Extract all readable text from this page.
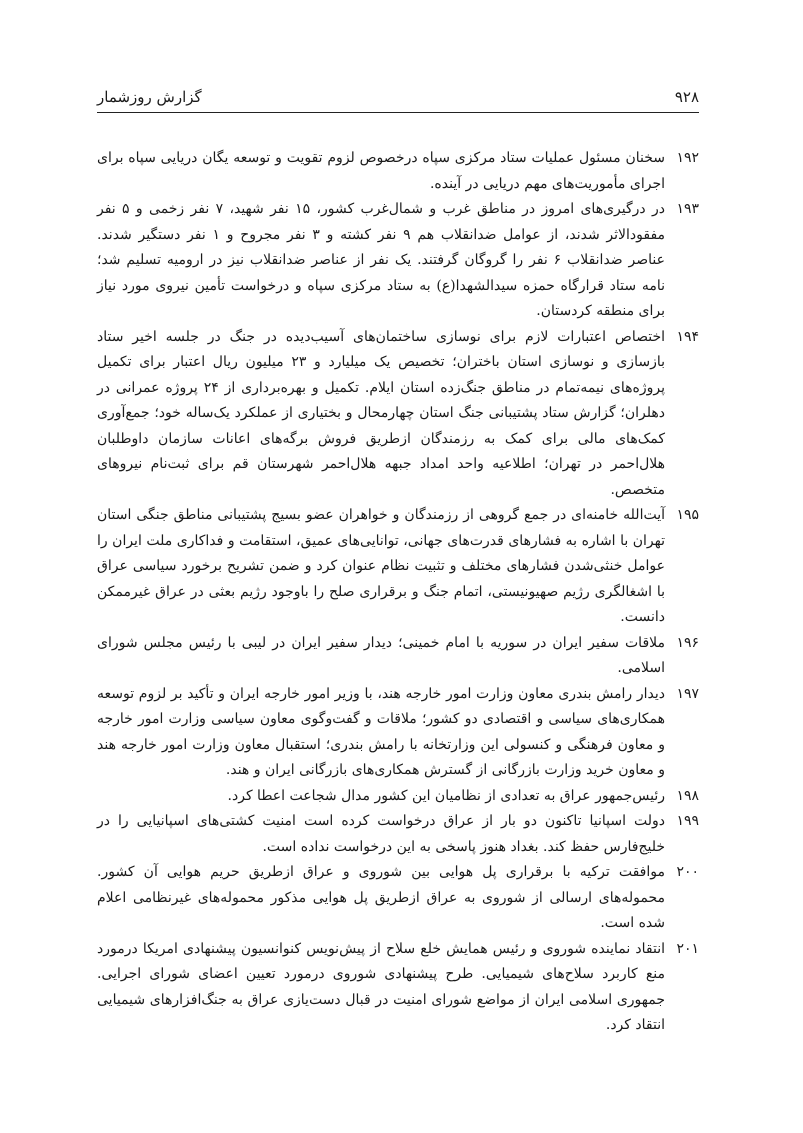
۹۲۸
گزارش روزشمار
۱۹۲
سخنان مسئول عملیات ستاد مرکزی سپاه درخصوص لزوم تقویت و توسعه یگان دریایی سپاه برای اجرای مأموریت‌های مهم دریایی در آینده.
۱۹۳
در درگیری‌های امروز در مناطق غرب و شمال‌غرب کشور، ۱۵ نفر شهید، ۷ نفر زخمی و ۵ نفر مفقودالاثر شدند، از عوامل ضدانقلاب هم ۹ نفر کشته و ۳ نفر مجروح و ۱ نفر دستگیر شدند. عناصر ضدانقلاب ۶ نفر را گروگان گرفتند. یک نفر از عناصر ضدانقلاب نیز در ارومیه تسلیم شد؛ نامه ستاد قرارگاه حمزه سیدالشهدا(ع) به ستاد مرکزی سپاه و درخواست تأمین نیروی مورد نیاز برای منطقه کردستان.
۱۹۴
اختصاص اعتبارات لازم برای نوسازی ساختمان‌های آسیب‌دیده در جنگ در جلسه اخیر ستاد بازسازی و نوسازی استان باختران؛ تخصیص یک میلیارد و ۲۳ میلیون ریال اعتبار برای تکمیل پروژه‌های نیمه‌تمام در مناطق جنگ‌زده استان ایلام. تکمیل و بهره‌برداری از ۲۴ پروژه عمرانی در دهلران؛ گزارش ستاد پشتیبانی جنگ استان چهارمحال و بختیاری از عملکرد یک‌ساله خود؛ جمع‌آوری کمک‌های مالی برای کمک به رزمندگان ازطریق فروش برگه‌های اعانات سازمان داوطلبان هلال‌احمر در تهران؛ اطلاعیه واحد امداد جبهه هلال‌احمر شهرستان قم برای ثبت‌نام نیروهای متخصص.
۱۹۵
آیت‌الله خامنه‌ای در جمع گروهی از رزمندگان و خواهران عضو بسیج پشتیبانی مناطق جنگی استان تهران با اشاره به فشارهای قدرت‌های جهانی، توانایی‌های عمیق، استقامت و فداکاری ملت ایران را عوامل خنثی‌شدن فشارهای مختلف و تثبیت نظام عنوان کرد و ضمن تشریح برخورد سیاسی عراق با اشغالگری رژیم صهیونیستی، اتمام جنگ و برقراری صلح را باوجود رژیم بعثی در عراق غیرممکن دانست.
۱۹۶
ملاقات سفیر ایران در سوریه با امام خمینی؛ دیدار سفیر ایران در لیبی با رئیس مجلس شورای اسلامی.
۱۹۷
دیدار رامش بندری معاون وزارت امور خارجه هند، با وزیر امور خارجه ایران و تأکید بر لزوم توسعه همکاری‌های سیاسی و اقتصادی دو کشور؛ ملاقات و گفت‌وگوی معاون سیاسی وزارت امور خارجه و معاون فرهنگی و کنسولی این وزارتخانه با رامش بندری؛ استقبال معاون وزارت امور خارجه هند و معاون خرید وزارت بازرگانی از گسترش همکاری‌های بازرگانی ایران و هند.
۱۹۸
رئیس‌جمهور عراق به تعدادی از نظامیان این کشور مدال شجاعت اعطا کرد.
۱۹۹
دولت اسپانیا تاکنون دو بار از عراق درخواست کرده است امنیت کشتی‌های اسپانیایی را در خلیج‌فارس حفظ کند. بغداد هنوز پاسخی به این درخواست نداده است.
۲۰۰
موافقت ترکیه با برقراری پل هوایی بین شوروی و عراق ازطریق حریم هوایی آن کشور. محموله‌های ارسالی از شوروی به عراق ازطریق پل هوایی مذکور محموله‌های غیرنظامی اعلام شده است.
۲۰۱
انتقاد نماینده شوروی و رئیس همایش خلع سلاح از پیش‌نویس کنوانسیون پیشنهادی امریکا درمورد منع کاربرد سلاح‌های شیمیایی. طرح پیشنهادی شوروی درمورد تعیین اعضای شورای اجرایی. جمهوری اسلامی ایران از مواضع شورای امنیت در قبال دست‌یازی عراق به جنگ‌افزارهای شیمیایی انتقاد کرد.
